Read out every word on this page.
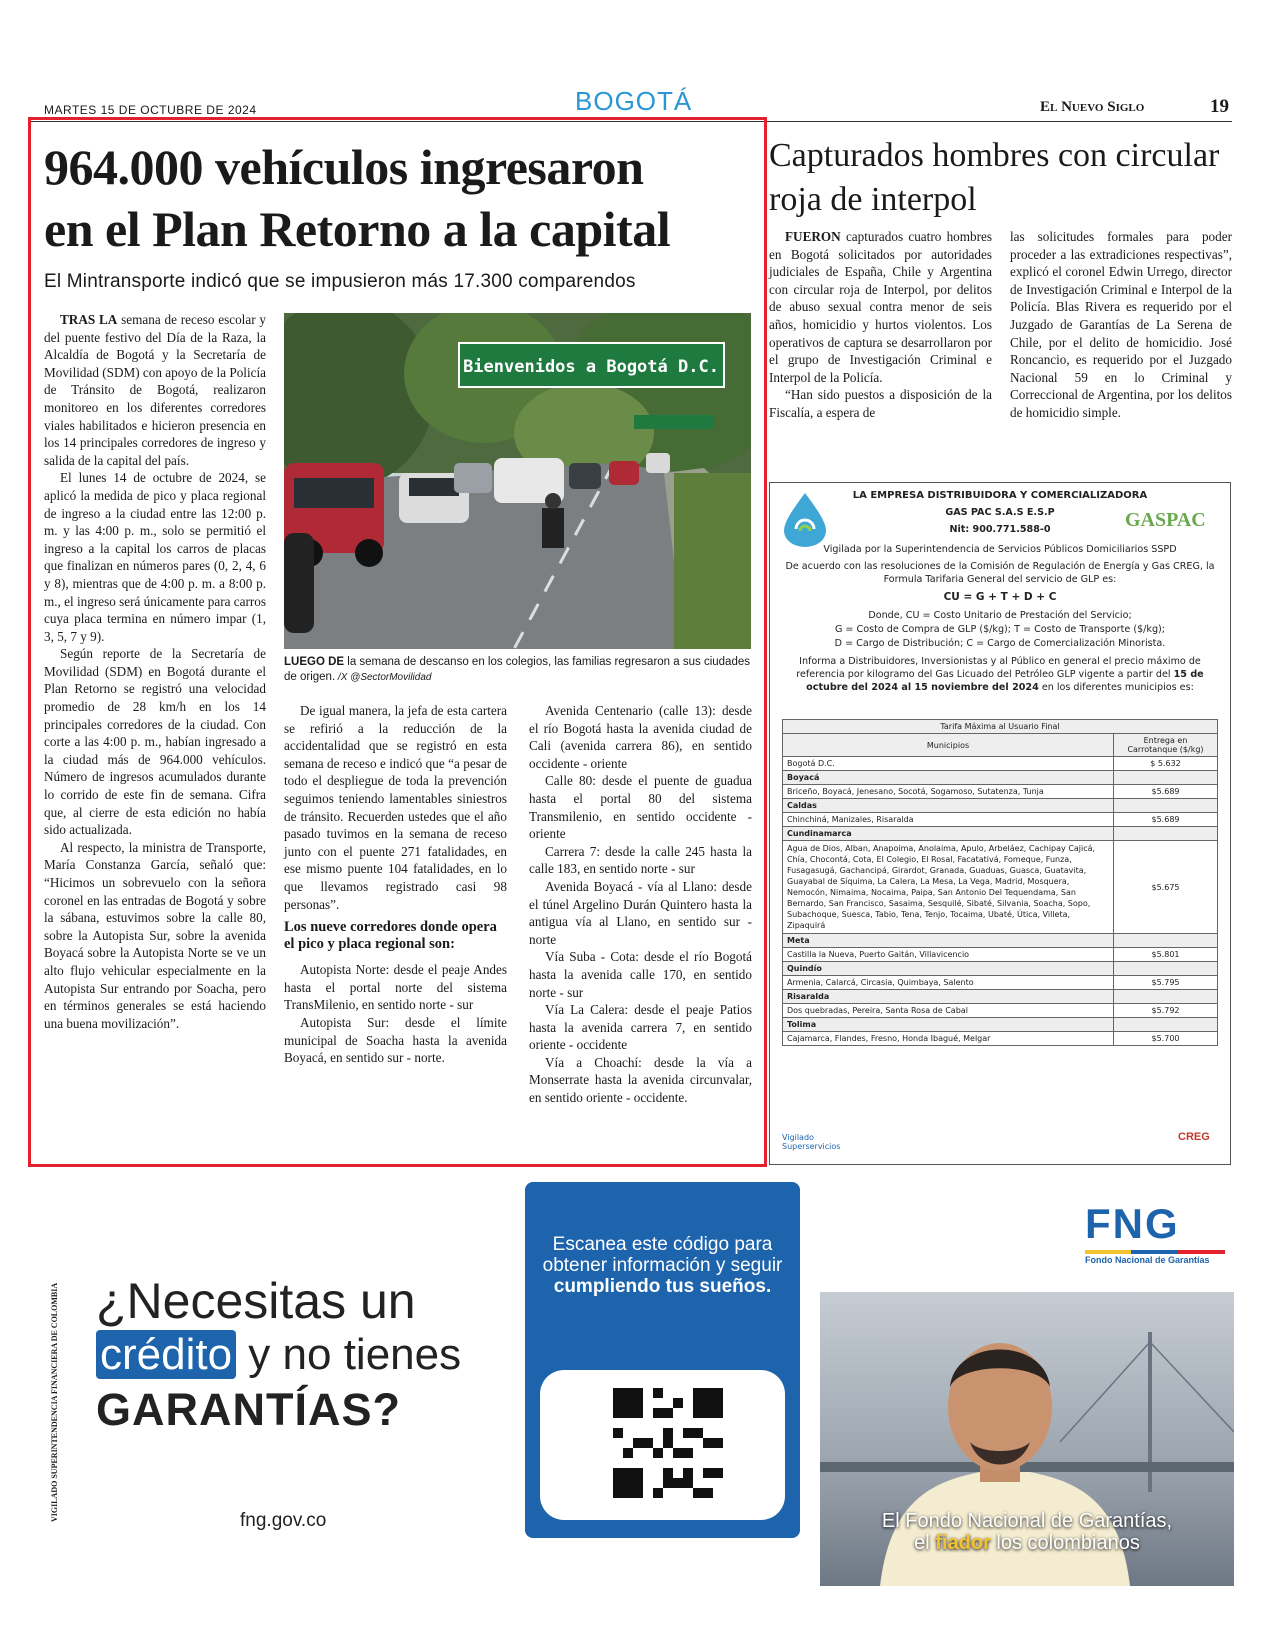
MARTES 15 DE OCTUBRE DE 2024	BOGOTÁ	El Nuevo Siglo	19
964.000 vehículos ingresaron
en el Plan Retorno a la capital
El Mintransporte indicó que se impusieron más 17.300 comparendos

TRAS LA semana de receso escolar y del puente festivo del Día de la Raza, la Alcaldía de Bogotá y la Secretaría de Movilidad (SDM) con apoyo de la Policía de Tránsito de Bogotá, realizaron monitoreo en los diferentes corredores viales habilitados e hicieron presencia en los 14 principales corredores de ingreso y salida de la capital del país.

El lunes 14 de octubre de 2024, se aplicó la medida de pico y placa regional de ingreso a la ciudad entre las 12:00 p. m. y las 4:00 p. m., solo se permitió el ingreso a la capital los carros de placas que finalizan en números pares (0, 2, 4, 6 y 8), mientras que de 4:00 p. m. a 8:00 p. m., el ingreso será únicamente para carros cuya placa termina en número impar (1, 3, 5, 7 y 9).

Según reporte de la Secretaría de Movilidad (SDM) en Bogotá durante el Plan Retorno se registró una velocidad promedio de 28 km/h en los 14 principales corredores de la ciudad. Con corte a las 4:00 p. m., habían ingresado a la ciudad más de 964.000 vehículos. Número de ingresos acumulados durante lo corrido de este fin de semana. Cifra que, al cierre de esta edición no había sido actualizada.

Al respecto, la ministra de Transporte, María Constanza García, señaló que: “Hicimos un sobrevuelo con la señora coronel en las entradas de Bogotá y sobre la sábana, estuvimos sobre la calle 80, sobre la Autopista Sur, sobre la avenida Boyacá sobre la Autopista Norte se ve un alto flujo vehicular especialmente en la Autopista Sur entrando por Soacha, pero en términos generales se está haciendo una buena movilización”.

Bienvenidos a Bogotá D.C.
LUEGO DE la semana de descanso en los colegios, las familias regresaron a sus ciudades de origen. /X @SectorMovilidad

De igual manera, la jefa de esta cartera se refirió a la reducción de la accidentalidad que se registró en esta semana de receso e indicó que “a pesar de todo el despliegue de toda la prevención seguimos teniendo lamentables siniestros de tránsito. Recuerden ustedes que el año pasado tuvimos en la semana de receso junto con el puente 271 fatalidades, en ese mismo puente 104 fatalidades, en lo que llevamos registrado casi 98 personas”.

Los nueve corredores donde opera el pico y placa regional son:

Autopista Norte: desde el peaje Andes hasta el portal norte del sistema TransMilenio, en sentido norte - sur

Autopista Sur: desde el límite municipal de Soacha hasta la avenida Boyacá, en sentido sur - norte.

Avenida Centenario (calle 13): desde el río Bogotá hasta la avenida ciudad de Cali (avenida carrera 86), en sentido occidente - oriente

Calle 80: desde el puente de guadua hasta el portal 80 del sistema Transmilenio, en sentido occidente - oriente

Carrera 7: desde la calle 245 hasta la calle 183, en sentido norte - sur

Avenida Boyacá - vía al Llano: desde el túnel Argelino Durán Quintero hasta la antigua vía al Llano, en sentido sur - norte

Vía Suba - Cota: desde el río Bogotá hasta la avenida calle 170, en sentido norte - sur

Vía La Calera: desde el peaje Patios hasta la avenida carrera 7, en sentido oriente - occidente

Vía a Choachí: desde la vía a Monserrate hasta la avenida circunvalar, en sentido oriente - occidente.

Capturados hombres con circular roja de interpol

FUERON capturados cuatro hombres en Bogotá solicitados por autoridades judiciales de España, Chile y Argentina con circular roja de Interpol, por delitos de abuso sexual contra menor de seis años, homicidio y hurtos violentos. Los operativos de captura se desarrollaron por el grupo de Investigación Criminal e Interpol de la Policía.

“Han sido puestos a disposición de la Fiscalía, a espera de

las solicitudes formales para poder proceder a las extradiciones respectivas”, explicó el coronel Edwin Urrego, director de Investigación Criminal e Interpol de la Policía. Blas Rivera es requerido por el Juzgado de Garantías de La Serena de Chile, por el delito de homicidio. José Roncancio, es requerido por el Juzgado Nacional 59 en lo Criminal y Correccional de Argentina, por los delitos de homicidio simple.

LA EMPRESA DISTRIBUIDORA Y COMERCIALIZADORA
GAS PAC S.A.S E.S.P
Nit: 900.771.588-0	GASPAC
Vigilada por la Superintendencia de Servicios Públicos Domiciliarios SSPD
De acuerdo con las resoluciones de la Comisión de Regulación de Energía y Gas CREG, la Formula Tarifaria General del servicio de GLP es:
CU = G + T + D + C
Donde, CU = Costo Unitario de Prestación del Servicio;
G = Costo de Compra de GLP ($/kg); T = Costo de Transporte ($/kg);
D = Cargo de Distribución; C = Cargo de Comercialización Minorista.
Informa a Distribuidores, Inversionistas y al Público en general el precio máximo de referencia por kilogramo del Gas Licuado del Petróleo GLP vigente a partir del 15 de octubre del 2024 al 15 noviembre del 2024 en los diferentes municipios es:
Tarifa Máxima al Usuario Final	
Municipios	Entrega en Carrotanque ($/kg)
Bogotá D.C.	$ 5.632
Boyacá	
Briceño, Boyacá, Jenesano, Socotá, Sogamoso, Sutatenza, Tunja	$5.689
Caldas	
Chinchiná, Manizales, Risaralda	$5.689
Cundinamarca	
Agua de Dios, Alban, Anapoima, Anolaima, Apulo, Arbeláez, Cachipay Cajicá, Chía, Chocontá, Cota, El Colegio, El Rosal, Facatativá, Fomeque, Funza, Fusagasugá, Gachancipá, Girardot, Granada, Guaduas, Guasca, Guatavita, Guayabal de Síquima, La Calera, La Mesa, La Vega, Madrid, Mosquera, Nemocón, Nimaima, Nocaima, Paipa, San Antonio Del Tequendama, San Bernardo, San Francisco, Sasaima, Sesquilé, Sibaté, Silvania, Soacha, Sopo, Subachoque, Suesca, Tabio, Tena, Tenjo, Tocaima, Ubaté, Útica, Villeta, Zipaquirá	$5.675
Meta	
Castilla la Nueva, Puerto Gaitán, Villavicencio	$5.801
Quindío	
Armenia, Calarcá, Circasia, Quimbaya, Salento	$5.795
Risaralda	
Dos quebradas, Pereira, Santa Rosa de Cabal	$5.792
Tolima	
Cajamarca, Flandes, Fresno, Honda Ibagué, Melgar	$5.700
Vigilado Superservicios
CREG
VIGILADO SUPERINTENDENCIA FINANCIERA DE COLOMBIA ¿Necesitas un
crédito y no tienes
GARANTÍAS?
fng.gov.co
Escanea este código para obtener información y seguir
cumpliendo tus sueños.
FNG
Fondo Nacional de Garantías
El Fondo Nacional de Garantías,
el fiador los colombianos
